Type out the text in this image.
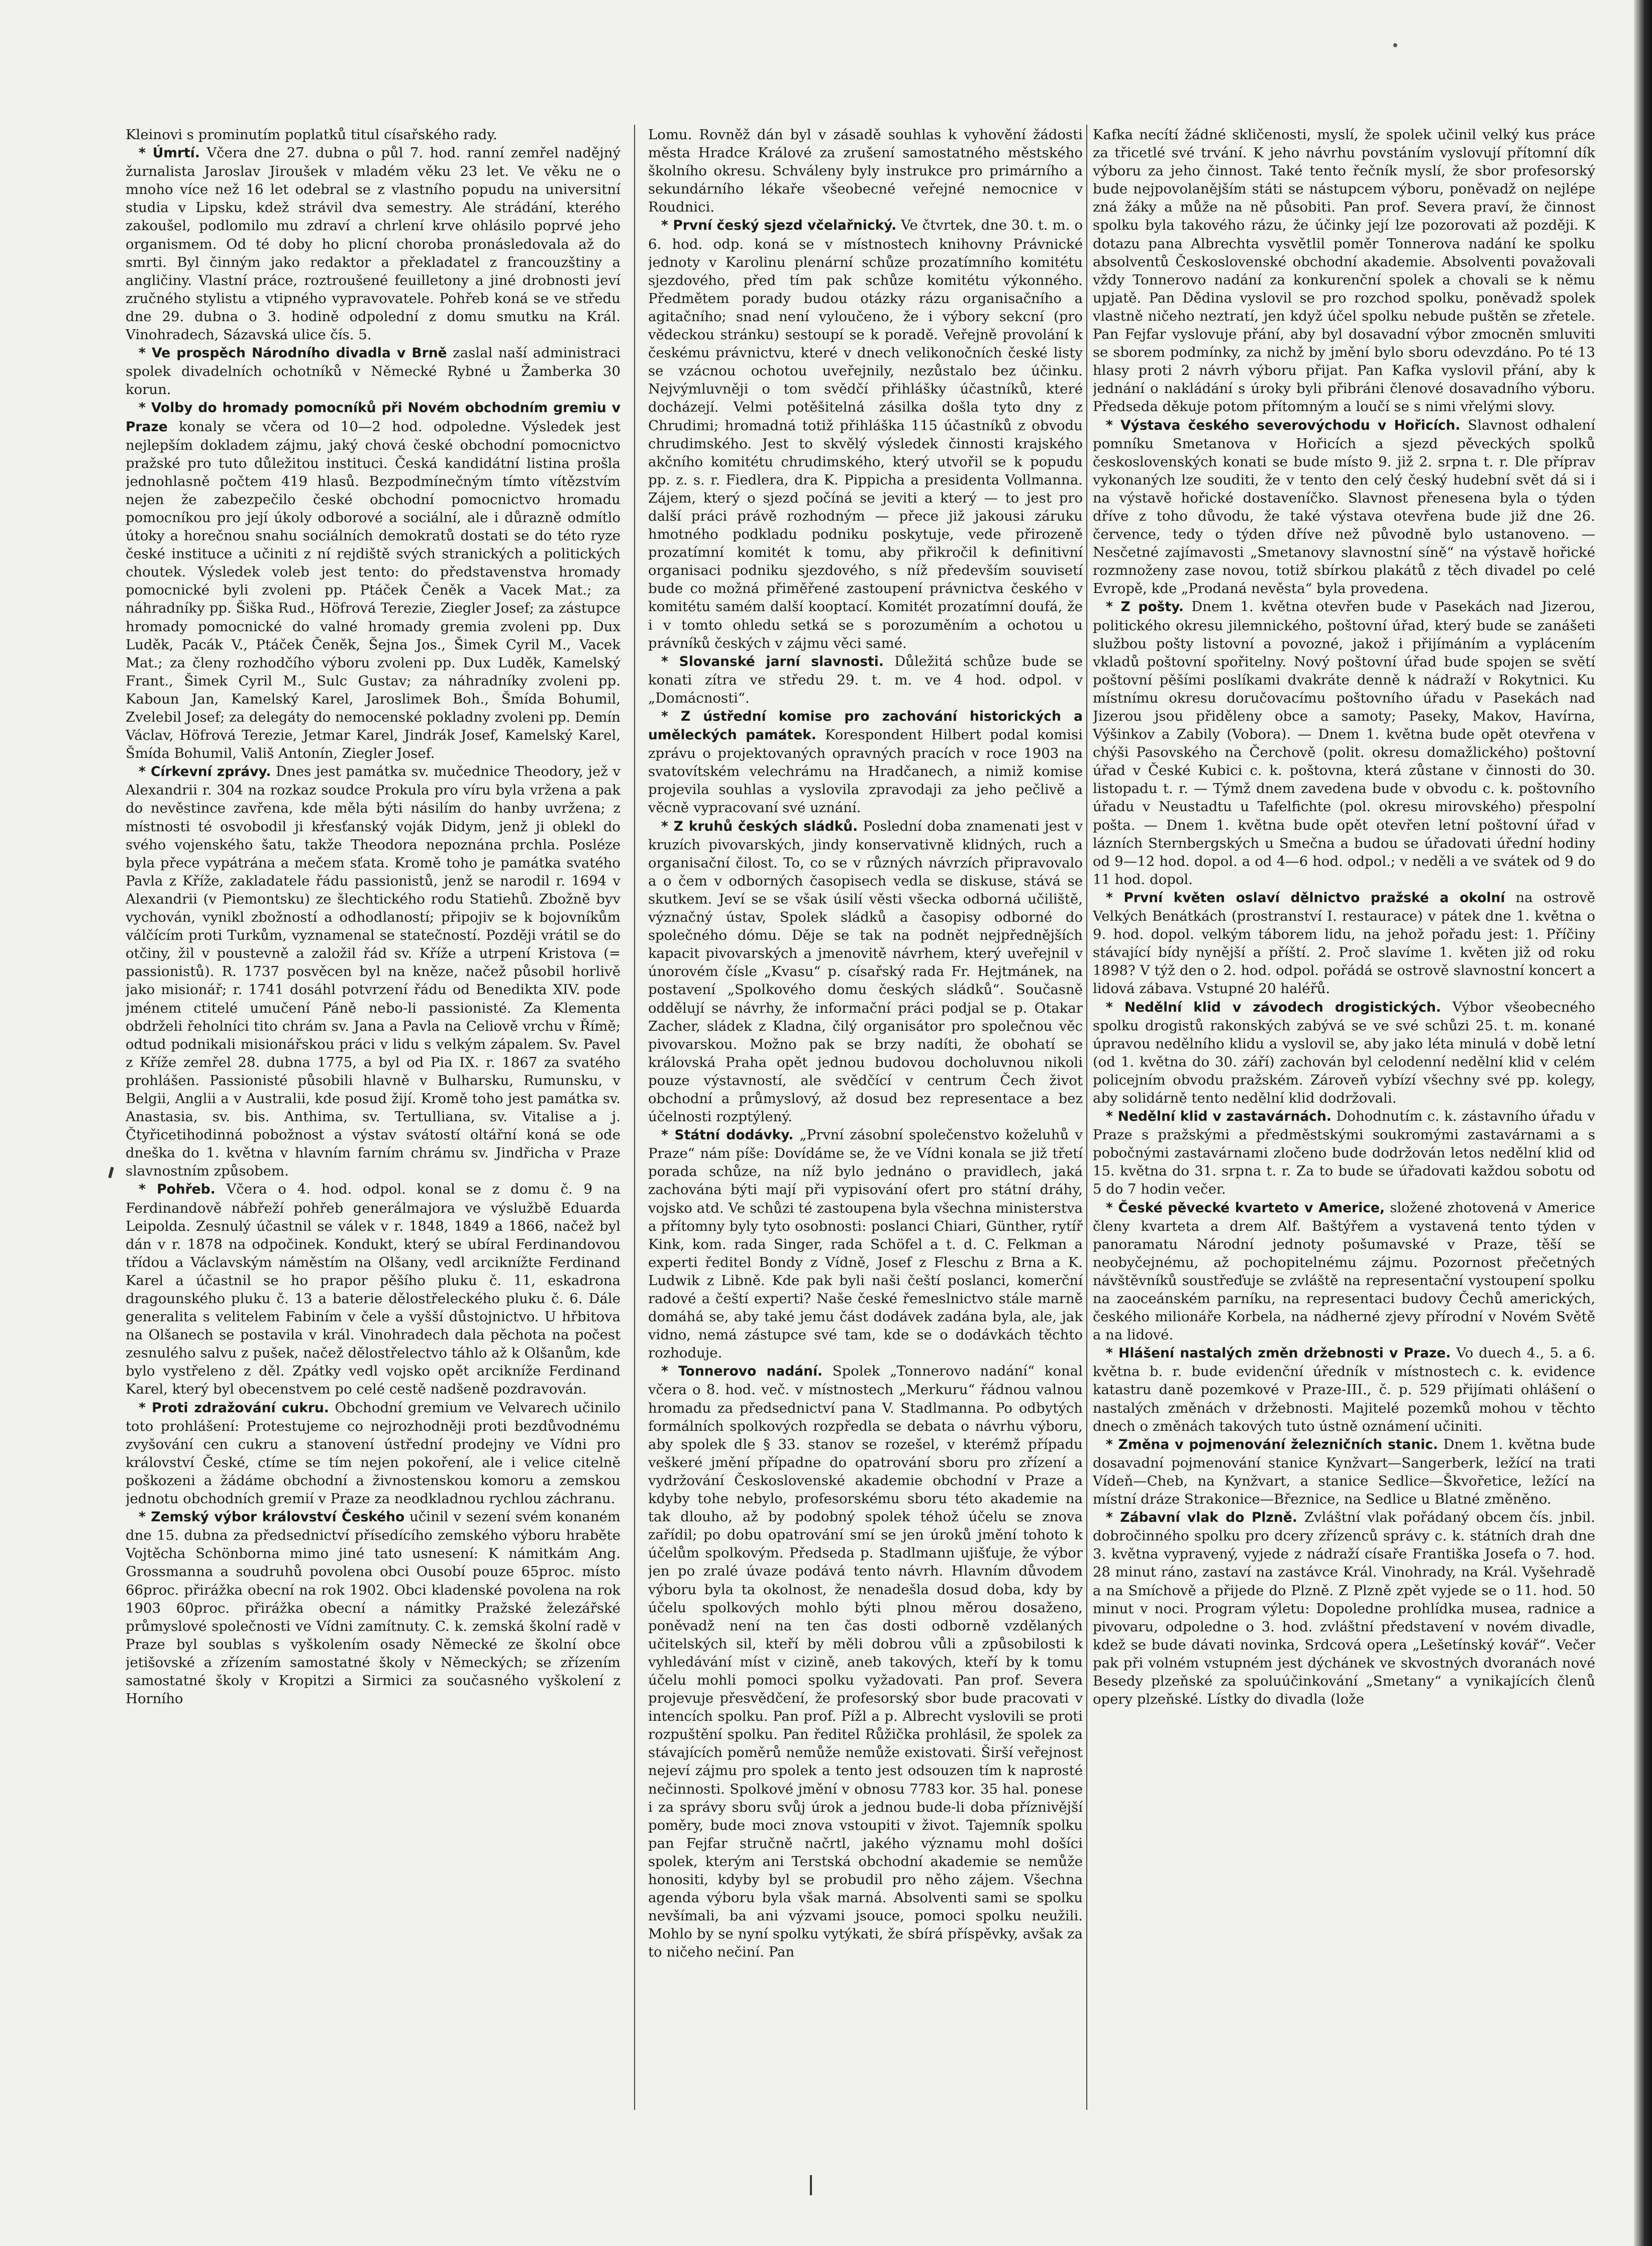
Kleinovi s prominutím poplatků titul císařského rady.

* Úmrtí. Včera dne 27. dubna o půl 7. hod. ranní zemřel nadějný žurnalista Jaroslav Jiroušek v mladém věku 23 let. Ve věku ne o mnoho více než 16 let odebral se z vlastního popudu na universitní studia v Lipsku, kdež strávil dva semestry. Ale strádání, kterého zakoušel, podlomilo mu zdraví a chrlení krve ohlásilo poprvé jeho organismem. Od té doby ho plicní choroba pronásledovala až do smrti. Byl činným jako redaktor a překladatel z francouzštiny a angličiny. Vlastní práce, roztroušené feuilletony a jiné drobnosti jeví zručného stylistu a vtipného vypravovatele. Pohřeb koná se ve středu dne 29. dubna o 3. hodině odpolední z domu smutku na Král. Vinohradech, Sázavská ulice čís. 5.

* Ve prospěch Národního divadla v Brně zaslal naší administraci spolek divadelních ochotníků v Německé Rybné u Žamberka 30 korun.

* Volby do hromady pomocníků při Novém obchodním gremiu v Praze konaly se včera od 10—2 hod. odpoledne. Výsledek jest nejlepším dokladem zájmu, jaký chová české obchodní pomocnictvo pražské pro tuto důležitou instituci. Česká kandidátní listina prošla jednohlasně počtem 419 hlasů. Bezpodmínečným tímto vítězstvím nejen že zabezpečilo české obchodní pomocnictvo hromadu pomocníkou pro její úkoly odborové a sociální, ale i důrazně odmítlo útoky a horečnou snahu sociálních demokratů dostati se do této ryze české instituce a učiniti z ní rejdiště svých stranických a politických choutek. Výsledek voleb jest tento: do představenstva hromady pomocnické byli zvoleni pp. Ptáček Čeněk a Vacek Mat.; za náhradníky pp. Šiška Rud., Höfrová Terezie, Ziegler Josef; za zástupce hromady pomocnické do valné hromady gremia zvoleni pp. Dux Luděk, Pacák V., Ptáček Čeněk, Šejna Jos., Šimek Cyril M., Vacek Mat.; za členy rozhodčího výboru zvoleni pp. Dux Luděk, Kamelský Frant., Šimek Cyril M., Sulc Gustav; za náhradníky zvoleni pp. Kaboun Jan, Kamelský Karel, Jaroslimek Boh., Šmída Bohumil, Zvelebil Josef; za delegáty do nemocenské pokladny zvoleni pp. Demín Václav, Höfrová Terezie, Jetmar Karel, Jindrák Josef, Kamelský Karel, Šmída Bohumil, Vališ Antonín, Ziegler Josef.

* Církevní zprávy. Dnes jest památka sv. mučednice Theodory, jež v Alexandrii r. 304 na rozkaz soudce Prokula pro víru byla vržena a pak do nevěstince zavřena, kde měla býti násilím do hanby uvržena; z místnosti té osvobodil ji křesťanský voják Didym, jenž ji oblekl do svého vojenského šatu, takže Theodora nepoznána prchla. Posléze byla přece vypátrána a mečem sťata. Kromě toho je památka svatého Pavla z Kříže, zakladatele řádu passionistů, jenž se narodil r. 1694 v Alexandrii (v Piemontsku) ze šlechtického rodu Statiehů. Zbožně byv vychován, vynikl zbožností a odhodlaností; připojiv se k bojovníkům válčícím proti Turkům, vyznamenal se statečností. Později vrátil se do otčiny, žil v poustevně a založil řád sv. Kříže a utrpení Kristova (= passionistů). R. 1737 posvěcen byl na kněze, načež působil horlivě jako misionář; r. 1741 dosáhl potvrzení řádu od Benedikta XIV. pode jménem ctitelé umučení Páně nebo-li passionisté. Za Klementa obdrželi řeholníci tito chrám sv. Jana a Pavla na Celiově vrchu v Římě; odtud podnikali misionářskou práci v lidu s velkým zápalem. Sv. Pavel z Kříže zemřel 28. dubna 1775, a byl od Pia IX. r. 1867 za svatého prohlášen. Passionisté působili hlavně v Bulharsku, Rumunsku, v Belgii, Anglii a v Australii, kde posud žijí. Kromě toho jest památka sv. Anastasia, sv. bis. Anthima, sv. Tertulliana, sv. Vitalise a j. Čtyřicetihodinná pobožnost a výstav svátostí oltářní koná se ode dneška do 1. května v hlavním farním chrámu sv. Jindřicha v Praze slavnostním způsobem.

* Pohřeb. Včera o 4. hod. odpol. konal se z domu č. 9 na Ferdinandově nábřeží pohřeb generálmajora ve výslužbě Eduarda Leipolda. Zesnulý účastnil se válek v r. 1848, 1849 a 1866, načež byl dán v r. 1878 na odpočinek. Kondukt, který se ubíral Ferdinandovou třídou a Václavským náměstím na Olšany, vedl arciknížte Ferdinand Karel a účastnil se ho prapor pěšího pluku č. 11, eskadrona dragounského pluku č. 13 a baterie dělostřeleckého pluku č. 6. Dále generalita s velitelem Fabiním v čele a vyšší důstojnictvo. U hřbitova na Olšanech se postavila v král. Vinohradech dala pěchota na počest zesnulého salvu z pušek, načež dělostřelectvo táhlo až k Olšanům, kde bylo vystřeleno z děl. Zpátky vedl vojsko opět arcikníže Ferdinand Karel, který byl obecenstvem po celé cestě nadšeně pozdravován.

* Proti zdražování cukru. Obchodní gremium ve Velvarech učinilo toto prohlášení: Protestujeme co nejrozhodněji proti bezdůvodnému zvyšování cen cukru a stanovení ústřední prodejny ve Vídni pro království České, ctíme se tím nejen pokoření, ale i velice citelně poškozeni a žádáme obchodní a živnostenskou komoru a zemskou jednotu obchodních gremií v Praze za neodkladnou rychlou záchranu.

* Zemský výbor království Českého učinil v sezení svém konaném dne 15. dubna za předsednictví přísedícího zemského výboru hraběte Vojtěcha Schönborna mimo jiné tato usnesení: K námitkám Ang. Grossmanna a soudruhů povolena obci Ousobí pouze 65proc. místo 66proc. přirážka obecní na rok 1902. Obci kladenské povolena na rok 1903 60proc. přirážka obecní a námitky Pražské železářské průmyslové společnosti ve Vídni zamítnuty. C. k. zemská školní radě v Praze byl soublas s vyškolením osady Německé ze školní obce jetišovské a zřízením samostatné školy v Německých; se zřízením samostatné školy v Kropitzi a Sirmici za současného vyškolení z Horního

Lomu. Rovněž dán byl v zásadě souhlas k vyhovění žádosti města Hradce Králové za zrušení samostatného městského školního okresu. Schváleny byly instrukce pro primárního a sekundárního lékaře všeobecné veřejné nemocnice v Roudnici.

* První český sjezd včelařnický. Ve čtvrtek, dne 30. t. m. o 6. hod. odp. koná se v místnostech knihovny Právnické jednoty v Karolinu plenární schůze prozatímního komitétu sjezdového, před tím pak schůze komitétu výkonného. Předmětem porady budou otázky rázu organisačního a agitačního; snad není vyloučeno, že i výbory sekcní (pro vědeckou stránku) sestoupí se k poradě. Veřejně provolání k českému právnictvu, které v dnech velikonočních české listy se vzácnou ochotou uveřejnily, nezůstalo bez účinku. Nejvýmluvněji o tom svědčí přihlášky účastníků, které docházejí. Velmi potěšitelná zásilka došla tyto dny z Chrudimi; hromadná totiž přihláška 115 účastníků z obvodu chrudimského. Jest to skvělý výsledek činnosti krajského akčního komitétu chrudimského, který utvořil se k popudu pp. z. s. r. Fiedlera, dra K. Pippicha a presidenta Vollmanna. Zájem, který o sjezd počíná se jeviti a který — to jest pro další práci právě rozhodným — přece již jakousi záruku hmotného podkladu podniku poskytuje, vede přirozeně prozatímní komitét k tomu, aby přikročil k definitivní organisaci podniku sjezdového, s níž především souvisetí bude co možná přiměřené zastoupení právnictva českého v komitétu samém další kooptací. Komitét prozatímní doufá, že i v tomto ohledu setká se s porozuměním a ochotou u právníků českých v zájmu věci samé.

* Slovanské jarní slavnosti. Důležitá schůze bude se konati zítra ve středu 29. t. m. ve 4 hod. odpol. v „Domácnosti“.

* Z ústřední komise pro zachování historických a uměleckých památek. Korespondent Hilbert podal komisi zprávu o projektovaných opravných pracích v roce 1903 na svatovítském velechrámu na Hradčanech, a nimiž komise projevila souhlas a vyslovila zpravodaji za jeho pečlivě a věcně vypracovaní své uznání.

* Z kruhů českých sládků. Poslední doba znamenati jest v kruzích pivovarských, jindy konservativně klidných, ruch a organisační čilost. To, co se v různých návrzích připravovalo a o čem v odborných časopisech vedla se diskuse, stává se skutkem. Jeví se se však úsilí věsti všecka odborná učiliště, význačný ústav, Spolek sládků a časopisy odborné do společného dómu. Děje se tak na podnět nejpřednějších kapacit pivovarských a jmenovitě návrhem, který uveřejnil v únorovém čísle „Kvasu“ p. císařský rada Fr. Hejtmánek, na postavení „Spolkového domu českých sládků“. Současně oddělují se návrhy, že informační práci podjal se p. Otakar Zacher, sládek z Kladna, čilý organisátor pro společnou věc pivovarskou. Možno pak se brzy nadíti, že obohatí se královská Praha opět jednou budovou docholuvnou nikoli pouze výstavností, ale svědčící v centrum Čech život obchodní a průmyslový, až dosud bez representace a bez účelnosti rozptýlený.

* Státní dodávky. „První zásobní společenstvo koželuhů v Praze“ nám píše: Dovídáme se, že ve Vídni konala se již třetí porada schůze, na níž bylo jednáno o pravidlech, jaká zachována býti mají při vypisování ofert pro státní dráhy, vojsko atd. Ve schůzi té zastoupena byla všechna ministerstva a přítomny byly tyto osobnosti: poslanci Chiari, Günther, rytíř Kink, kom. rada Singer, rada Schöfel a t. d. C. Felkman a experti ředitel Bondy z Vídně, Josef z Fleschu z Brna a K. Ludwik z Libně. Kde pak byli naši čeští poslanci, komerční radové a čeští experti? Naše české řemeslnictvo stále marně domáhá se, aby také jemu část dodávek zadána byla, ale, jak vidno, nemá zástupce své tam, kde se o dodávkách těchto rozhoduje.

* Tonnerovo nadání. Spolek „Tonnerovo nadání“ konal včera o 8. hod. več. v místnostech „Merkuru“ řádnou valnou hromadu za předsednictví pana V. Stadlmanna. Po odbytých formálních spolkových rozpředla se debata o návrhu výboru, aby spolek dle § 33. stanov se rozešel, v kterémž případu veškeré jmění případne do opatrování sboru pro zřízení a vydržování Československé akademie obchodní v Praze a kdyby tohe nebylo, profesorskému sboru této akademie na tak dlouho, až by podobný spolek téhož účelu se znova zařídil; po dobu opatrování smí se jen úroků jmění tohoto k účelům spolkovým. Předseda p. Stadlmann ujišťuje, že výbor jen po zralé úvaze podává tento návrh. Hlavním důvodem výboru byla ta okolnost, že nenadešla dosud doba, kdy by účelu spolkových mohlo býti plnou měrou dosaženo, poněvadž není na ten čas dosti odborně vzdělaných učitelských sil, kteří by měli dobrou vůli a způsobilosti k vyhledávání míst v cizině, aneb takových, kteří by k tomu účelu mohli pomoci spolku vyžadovati. Pan prof. Severa projevuje přesvědčení, že profesorský sbor bude pracovati v intencích spolku. Pan prof. Pížl a p. Albrecht vyslovili se proti rozpuštění spolku. Pan ředitel Růžička prohlásil, že spolek za stávajících poměrů nemůže nemůže existovati. Širší veřejnost nejeví zájmu pro spolek a tento jest odsouzen tím k naprosté nečinnosti. Spolkové jmění v obnosu 7783 kor. 35 hal. ponese i za správy sboru svůj úrok a jednou bude-li doba příznivější poměry, bude moci znova vstoupiti v život. Tajemník spolku pan Fejfar stručně načrtl, jakého významu mohl došíci spolek, kterým ani Terstská obchodní akademie se nemůže honositi, kdyby byl se probudil pro něho zájem. Všechna agenda výboru byla však marná. Absolventi sami se spolku nevšímali, ba ani výzvami jsouce, pomoci spolku neužili. Mohlo by se nyní spolku vytýkati, že sbírá příspěvky, avšak za to ničeho nečiní. Pan

Kafka necítí žádné skličenosti, myslí, že spolek učinil velký kus práce za třicetlé své trvání. K jeho návrhu povstáním vyslovují přítomní dík výboru za jeho činnost. Také tento řečník myslí, že sbor profesorský bude nejpovolanějším státi se nástupcem výboru, poněvadž on nejlépe zná žáky a může na ně působiti. Pan prof. Severa praví, že činnost spolku byla takového rázu, že účinky její lze pozorovati až později. K dotazu pana Albrechta vysvětlil poměr Tonnerova nadání ke spolku absolventů Československé obchodní akademie. Absolventi považovali vždy Tonnerovo nadání za konkurenční spolek a chovali se k němu upjatě. Pan Dědina vyslovil se pro rozchod spolku, poněvadž spolek vlastně ničeho neztratí, jen když účel spolku nebude puštěn se zřetele. Pan Fejfar vyslovuje přání, aby byl dosavadní výbor zmocněn smluviti se sborem podmínky, za nichž by jmění bylo sboru odevzdáno. Po té 13 hlasy proti 2 návrh výboru přijat. Pan Kafka vyslovil přání, aby k jednání o nakládání s úroky byli přibráni členové dosavadního výboru. Předseda děkuje potom přítomným a loučí se s nimi vřelými slovy.

* Výstava českého severovýchodu v Hořicích. Slavnost odhalení pomníku Smetanova v Hořicích a sjezd pěveckých spolků československých konati se bude místo 9. již 2. srpna t. r. Dle příprav vykonaných lze souditi, že v tento den celý český hudební svět dá si i na výstavě hořické dostaveníčko. Slavnost přenesena byla o týden dříve z toho důvodu, že také výstava otevřena bude již dne 26. července, tedy o týden dříve než původně bylo ustanoveno. — Nesčetné zajímavosti „Smetanovy slavnostní síně“ na výstavě hořické rozmnoženy zase novou, totiž sbírkou plakátů z těch divadel po celé Evropě, kde „Prodaná nevěsta“ byla provedena.

* Z pošty. Dnem 1. května otevřen bude v Pasekách nad Jizerou, politického okresu jilemnického, poštovní úřad, který bude se zanášeti službou pošty listovní a povozné, jakož i přijímáním a vyplácením vkladů poštovní spořitelny. Nový poštovní úřad bude spojen se světí poštovní pěšími poslíkami dvakráte denně k nádraží v Rokytnici. Ku místnímu okresu doručovacímu poštovního úřadu v Pasekách nad Jizerou jsou přiděleny obce a samoty; Paseky, Makov, Havírna, Výšinkov a Zabily (Vobora). — Dnem 1. května bude opět otevřena v chýši Pasovského na Čerchově (polit. okresu domažlického) poštovní úřad v České Kubici c. k. poštovna, která zůstane v činnosti do 30. listopadu t. r. — Týmž dnem zavedena bude v obvodu c. k. poštovního úřadu v Neustadtu u Tafelfichte (pol. okresu mirovského) přespolní pošta. — Dnem 1. května bude opět otevřen letní poštovní úřad v lázních Sternbergských u Smečna a budou se úřadovati úřední hodiny od 9—12 hod. dopol. a od 4—6 hod. odpol.; v neděli a ve svátek od 9 do 11 hod. dopol.

* První květen oslaví dělnictvo pražské a okolní na ostrově Velkých Benátkách (prostranství I. restaurace) v pátek dne 1. května o 9. hod. dopol. velkým táborem lidu, na jehož pořadu jest: 1. Příčiny stávající bídy nynější a příští. 2. Proč slavíme 1. květen již od roku 1898? V týž den o 2. hod. odpol. pořádá se ostrově slavnostní koncert a lidová zábava. Vstupné 20 haléřů.

* Nedělní klid v závodech drogistických. Výbor všeobecného spolku drogistů rakonských zabývá se ve své schůzi 25. t. m. konané úpravou nedělního klidu a vyslovil se, aby jako léta minulá v době letní (od 1. května do 30. září) zachován byl celodenní nedělní klid v celém policejním obvodu pražském. Zároveň vybízí všechny své pp. kolegy, aby solidárně tento nedělní klid dodržovali.

* Nedělní klid v zastavárnách. Dohodnutím c. k. zástavního úřadu v Praze s pražskými a předměstskými soukromými zastavárnami a s pobočnými zastavárnami zločeno bude dodržován letos nedělní klid od 15. května do 31. srpna t. r. Za to bude se úřadovati každou sobotu od 5 do 7 hodin večer.

* České pěvecké kvarteto v Americe, složené zhotovená v Americe členy kvarteta a drem Alf. Baštýřem a vystavená tento týden v panoramatu Národní jednoty pošumavské v Praze, těší se neobyčejnému, až pochopitelnému zájmu. Pozornost přečetných návštěvníků soustřeďuje se zvláště na representační vystoupení spolku na zaoceánském parníku, na representaci budovy Čechů amerických, českého milionáře Korbela, na nádherné zjevy přírodní v Novém Světě a na lidové.

* Hlášení nastalých změn držebnosti v Praze. Vo duech 4., 5. a 6. května b. r. bude evidenční úředník v místnostech c. k. evidence katastru daně pozemkové v Praze-III., č. p. 529 přijímati ohlášení o nastalých změnách v držebnosti. Majitelé pozemků mohou v těchto dnech o změnách takových tuto ústně oznámení učiniti.

* Změna v pojmenování železničních stanic. Dnem 1. května bude dosavadní pojmenování stanice Kynžvart—Sangerberk, ležící na trati Vídeň—Cheb, na Kynžvart, a stanice Sedlice—Škvořetice, ležící na místní dráze Strakonice—Březnice, na Sedlice u Blatné změněno.

* Zábavní vlak do Plzně. Zvláštní vlak pořádaný obcem čís. jnbil. dobročinného spolku pro dcery zřízenců správy c. k. státních drah dne 3. května vypravený, vyjede z nádraží císaře Františka Josefa o 7. hod. 28 minut ráno, zastaví na zastávce Král. Vinohrady, na Král. Vyšehradě a na Smíchově a přijede do Plzně. Z Plzně zpět vyjede se o 11. hod. 50 minut v noci. Program výletu: Dopoledne prohlídka musea, radnice a pivovaru, odpoledne o 3. hod. zvláštní představení v novém divadle, kdež se bude dávati novinka, Srdcová opera „Lešetínský kovář“. Večer pak při volném vstupném jest dýchánek ve skvostných dvoranách nové Besedy plzeňské za spoluúčinkování „Smetany“ a vynikajících členů opery plzeňské. Lístky do divadla (lože
